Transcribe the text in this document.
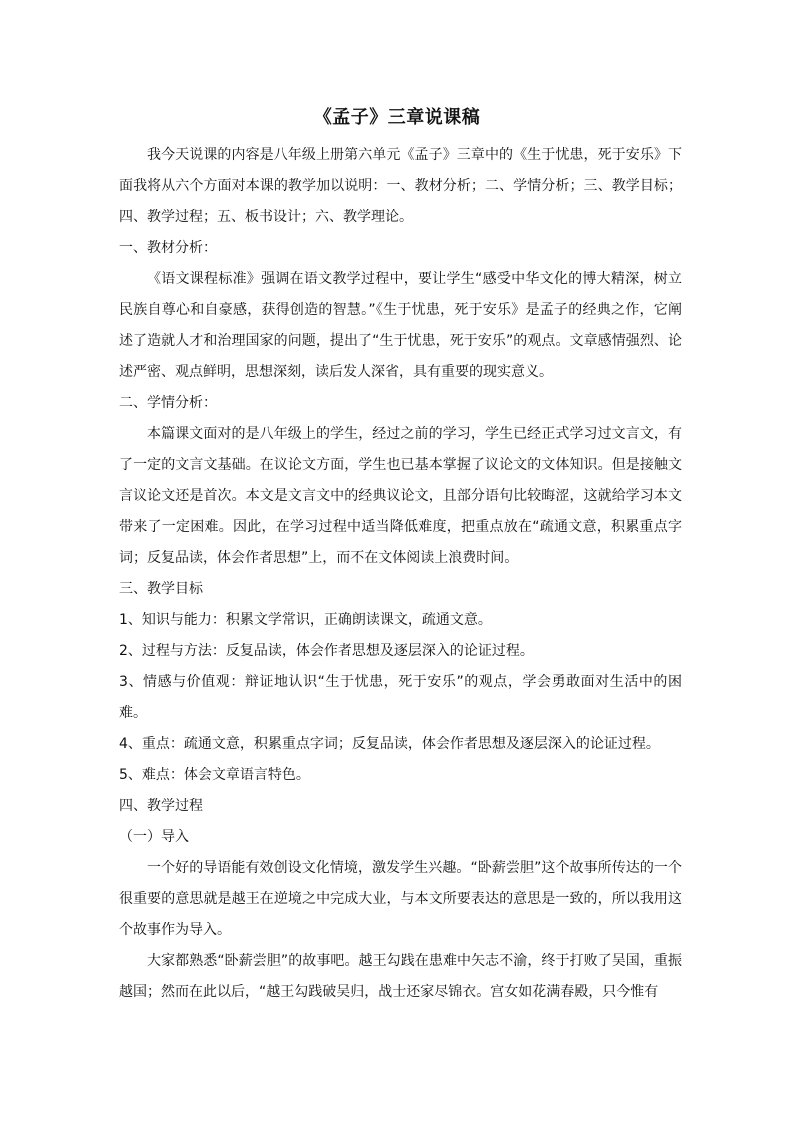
《孟子》三章说课稿

我今天说课的内容是八年级上册第六单元《孟子》三章中的《生于忧患，死于安乐》下面我将从六个方面对本课的教学加以说明：一、教材分析；二、学情分析；三、教学目标；四、教学过程；五、板书设计；六、教学理论。

一、教材分析：

《语文课程标准》强调在语文教学过程中，要让学生“感受中华文化的博大精深，树立民族自尊心和自豪感，获得创造的智慧。”《生于忧患，死于安乐》是孟子的经典之作，它阐述了造就人才和治理国家的问题，提出了“生于忧患，死于安乐”的观点。文章感情强烈、论述严密、观点鲜明，思想深刻，读后发人深省，具有重要的现实意义。

二、学情分析：

本篇课文面对的是八年级上的学生，经过之前的学习，学生已经正式学习过文言文，有了一定的文言文基础。在议论文方面，学生也已基本掌握了议论文的文体知识。但是接触文言议论文还是首次。本文是文言文中的经典议论文，且部分语句比较晦涩，这就给学习本文带来了一定困难。因此，在学习过程中适当降低难度，把重点放在“疏通文意，积累重点字词；反复品读，体会作者思想”上，而不在文体阅读上浪费时间。

三、教学目标

1、知识与能力：积累文学常识，正确朗读课文，疏通文意。

2、过程与方法：反复品读，体会作者思想及逐层深入的论证过程。

3、情感与价值观：辩证地认识“生于忧患，死于安乐”的观点，学会勇敢面对生活中的困难。

4、重点：疏通文意，积累重点字词；反复品读，体会作者思想及逐层深入的论证过程。

5、难点：体会文章语言特色。

四、教学过程

（一）导入

一个好的导语能有效创设文化情境，激发学生兴趣。“卧薪尝胆”这个故事所传达的一个很重要的意思就是越王在逆境之中完成大业，与本文所要表达的意思是一致的，所以我用这个故事作为导入。

大家都熟悉“卧薪尝胆”的故事吧。越王勾践在患难中矢志不渝，终于打败了吴国，重振越国；然而在此以后，“越王勾践破吴归，战士还家尽锦衣。宫女如花满春殿，只今惟有
